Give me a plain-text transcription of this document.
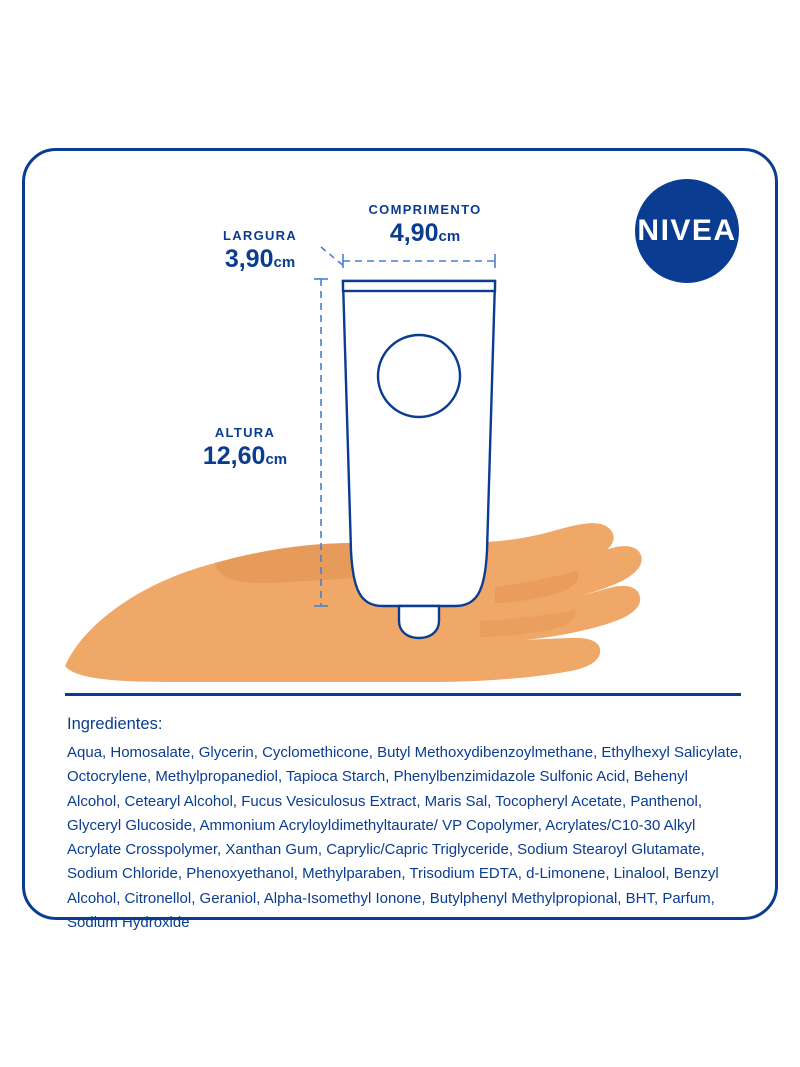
NIVEA
COMPRIMENTO
4,90cm
LARGURA
3,90cm
ALTURA
12,60cm
Ingredientes:
Aqua, Homosalate, Glycerin, Cyclomethicone, Butyl Methoxydibenzoylmethane, Ethylhexyl Salicylate, Octocrylene, Methylpropanediol, Tapioca Starch, Phenylbenzimidazole Sulfonic Acid, Behenyl Alcohol, Cetearyl Alcohol, Fucus Vesiculosus Extract, Maris Sal, Tocopheryl Acetate, Panthenol, Glyceryl Glucoside, Ammonium Acryloyldimethyltaurate/ VP Copolymer, Acrylates/C10-30 Alkyl Acrylate Crosspolymer, Xanthan Gum, Caprylic/Capric Triglyceride, Sodium Stearoyl Glutamate, Sodium Chloride, Phenoxyethanol, Methylparaben, Trisodium EDTA, d-Limonene, Linalool, Benzyl Alcohol, Citronellol, Geraniol, Alpha-Isomethyl Ionone, Butylphenyl Methylpropional, BHT, Parfum, Sodium Hydroxide
